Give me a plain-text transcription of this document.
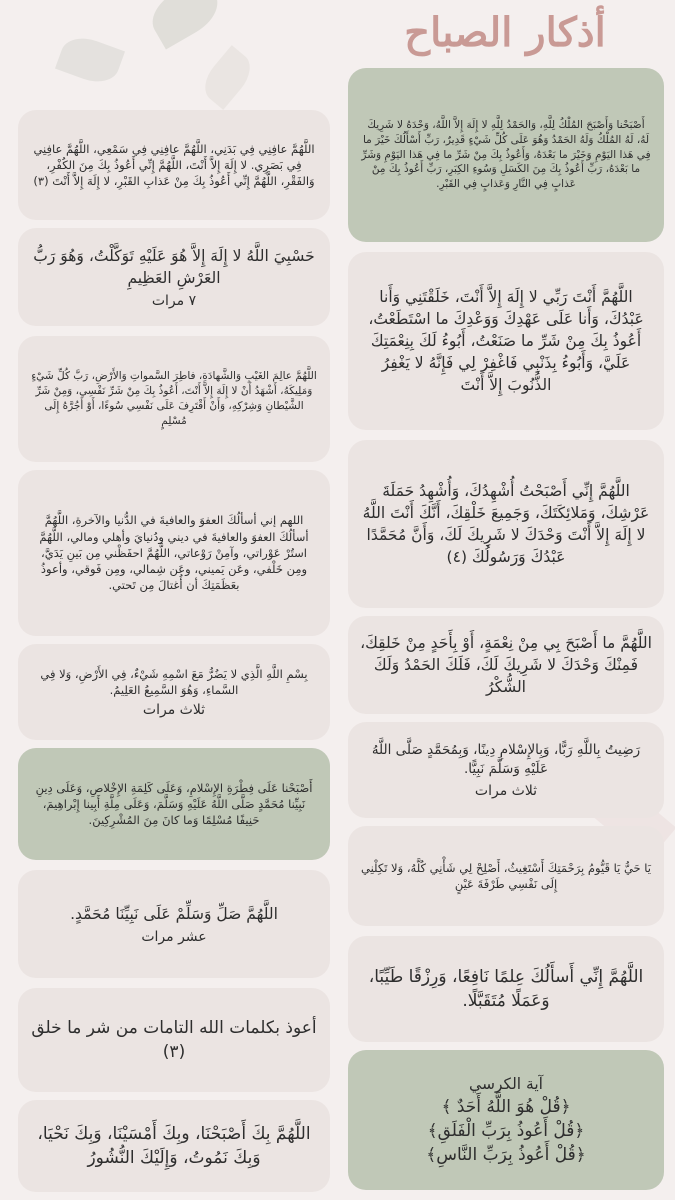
أذكار الصباح
اللَّهُمَّ عافِنِي فِي بَدَنِي، اللَّهُمَّ عافِنِي فِي سَمْعِي، اللَّهُمَّ عافِنِي فِي بَصَرِي. لا إِلَهَ إِلاَّ أَنْتَ، اللَّهُمَّ إِنِّي أَعُوذُ بِكَ مِنَ الكُفْرِ، وَالفَقْرِ، اللَّهُمَّ إِنِّي أَعُوذُ بِكَ مِنْ عَذابِ القَبْرِ، لا إِلَهَ إِلاَّ أَنْتَ (٣)
حَسْبِيَ اللَّهُ لا إِلَهَ إِلاَّ هُوَ عَلَيْهِ تَوَكَّلْتُ، وَهُوَ رَبُّ العَرْشِ العَظِيمِ
٧ مرات
اللَّهُمَّ عالِمَ الغَيْبِ وَالشَّهادَةِ، فاطِرَ السَّمواتِ وَالأَرْضِ، رَبَّ كُلِّ شَيْءٍ وَمَلِيكَهُ، أَشْهَدُ أَنْ لا إِلَهَ إِلاَّ أَنْتَ، أَعُوذُ بِكَ مِنْ شَرِّ نَفْسِي، وَمِنْ شَرِّ الشَّيْطانِ وَشِرْكِهِ، وَأَنْ أَقْتَرِفَ عَلَى نَفْسِي سُوءًا، أَوْ أَجُرَّهُ إِلَى مُسْلِمٍ
اللهم إني أسألُكَ العفوَ والعافيةَ في الدُّنيا والآخرةِ، اللَّهُمَّ أسألُكَ العفوَ والعافيةَ في ديني ودُنيايَ وأهلي ومالي، اللَّهُمَّ استُرْ عَوْراتي، وآمِنْ رَوْعاتي، اللَّهُمَّ احفَظْني مِن بَينِ يَدَيَّ، ومِن خَلْفي، وعَن يَميني، وعَن شِمالي، ومِن فَوقي، وأعوذُ بعَظَمَتِكَ أن أُغتالَ مِن تَحتي.
بِسْمِ اللَّهِ الَّذِي لا يَضُرُّ مَعَ اسْمِهِ شَيْءٌ، فِي الأَرْضِ، وَلا فِي السَّماءِ، وَهُوَ السَّمِيعُ العَلِيمُ.
ثلاث مرات
أَصْبَحْنا عَلَى فِطْرَةِ الإِسْلامِ، وَعَلَى كَلِمَةِ الإِخْلاصِ، وَعَلَى دِينِ نَبِيِّنا مُحَمَّدٍ صَلَّى اللَّهُ عَلَيْهِ وَسَلَّمَ، وَعَلَى مِلَّةِ أَبِينا إِبْراهِيمَ، حَنِيفًا مُسْلِمًا وَما كانَ مِنَ المُشْرِكِينَ.
اللَّهُمَّ صَلِّ وَسَلِّمْ عَلَى نَبِيِّنَا مُحَمَّدٍ.
عشر مرات
أعوذ بكلمات الله التامات من شر ما خلق (٣)
اللَّهُمَّ بِكَ أَصْبَحْنَا، وبِكَ أَمْسَيْنَا، وَبِكَ نَحْيَا، وَبِكَ نَمُوتُ، وَإِلَيْكَ النُّشُورُ
أَصْبَحْنا وَأَصْبَحَ المُلْكُ لِلَّهِ، وَالحَمْدُ لِلَّهِ لا إِلَهَ إِلاَّ اللَّهُ، وَحْدَهُ لا شَرِيكَ لَهُ، لَهُ المُلْكُ وَلَهُ الحَمْدُ وَهُوَ عَلَى كُلِّ شَيْءٍ قَدِيرٌ، رَبِّ أَسْأَلُكَ خَيْرَ ما فِي هَذا اليَوْمِ وَخَيْرَ ما بَعْدَهُ، وَأَعُوذُ بِكَ مِنْ شَرِّ ما فِي هَذا اليَوْمِ وَشَرِّ ما بَعْدَهُ، رَبِّ أَعُوذُ بِكَ مِنَ الكَسَلِ وَسُوءِ الكِبَرِ، رَبِّ أَعُوذُ بِكَ مِنْ عَذابٍ فِي النَّارِ وَعَذابٍ فِي القَبْرِ.
اللَّهُمَّ أَنْتَ رَبِّي لا إِلَهَ إِلاَّ أَنْتَ، خَلَقْتَنِي وَأَنا عَبْدُكَ، وَأَنا عَلَى عَهْدِكَ وَوَعْدِكَ ما اسْتَطَعْتُ، أَعُوذُ بِكَ مِنْ شَرِّ ما صَنَعْتُ، أَبُوءُ لَكَ بِنِعْمَتِكَ عَلَيَّ، وَأَبُوءُ بِذَنْبِي فَاغْفِرْ لِي فَإِنَّهُ لا يَغْفِرُ الذُّنُوبَ إِلاَّ أَنْتَ
اللَّهُمَّ إِنِّي أَصْبَحْتُ أُشْهِدُكَ، وَأُشْهِدُ حَمَلَةَ عَرْشِكَ، وَمَلائِكَتَكَ، وَجَمِيعَ خَلْقِكَ، أَنَّكَ أَنْتَ اللَّهُ لا إِلَهَ إِلاَّ أَنْتَ وَحْدَكَ لا شَرِيكَ لَكَ، وَأَنَّ مُحَمَّدًا عَبْدُكَ وَرَسُولُكَ (٤)
اللَّهُمَّ ما أَصْبَحَ بِي مِنْ نِعْمَةٍ، أَوْ بِأَحَدٍ مِنْ خَلقِكَ، فَمِنْكَ وَحْدَكَ لا شَرِيكَ لَكَ، فَلَكَ الحَمْدُ وَلَكَ الشُّكْرُ
رَضِيتُ بِاللَّهِ رَبًّا، وَبِالإِسْلامِ دِينًا، وَبِمُحَمَّدٍ صَلَّى اللَّهُ عَلَيْهِ وَسَلَّمَ نَبِيًّا.
ثلاث مرات
يَا حَيُّ يَا قَيُّومُ بِرَحْمَتِكَ أَسْتَغِيثُ، أَصْلِحْ لِي شَأْنِي كُلَّهُ، وَلا تَكِلْنِي إِلَى نَفْسِي طَرْفَةَ عَيْنٍ
اللَّهُمَّ إِنِّي أَسأَلُكَ عِلمًا نَافِعًا، وَرِزْقًا طَيِّبًا، وَعَمَلًا مُتَقَبَّلًا.
آية الكرسي
﴿قُلْ هُوَ اللَّهُ أَحَدٌ ﴾
﴿قُلْ أَعُوذُ بِرَبِّ الْفَلَقِ﴾
﴿قُلْ أَعُوذُ بِرَبِّ النَّاسِ﴾
